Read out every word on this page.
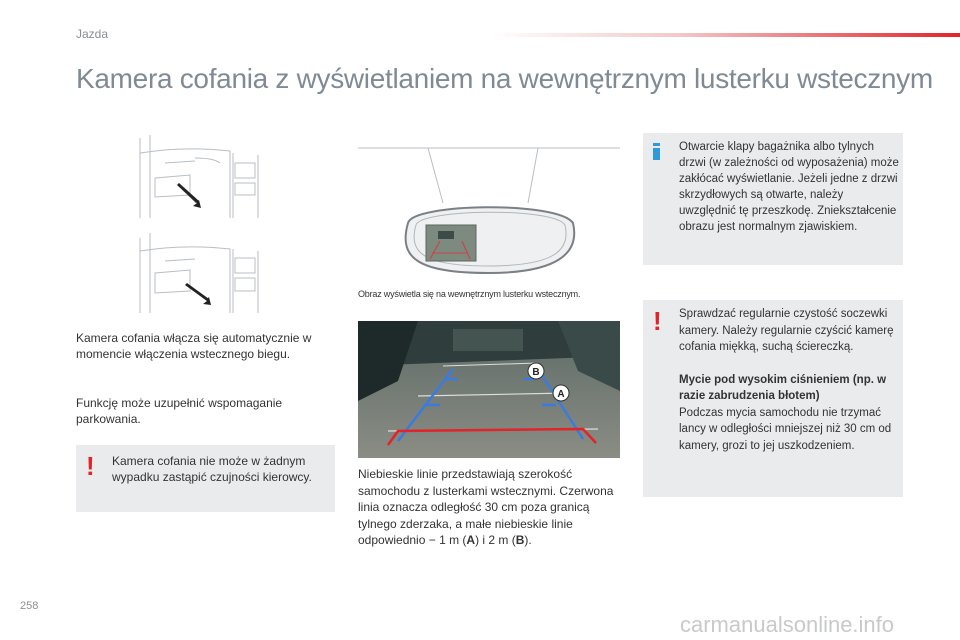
Jazda
Kamera cofania z wyświetlaniem na wewnętrznym lusterku wstecznym
Kamera cofania włącza się automatycznie w momencie włączenia wstecznego biegu.
Funkcję może uzupełnić wspomaganie parkowania.
! Kamera cofania nie może w żadnym wypadku zastąpić czujności kierowcy.
Obraz wyświetla się na wewnętrznym lusterku wstecznym.
B
A
Niebieskie linie przedstawiają szerokość samochodu z lusterkami wstecznymi. Czerwona linia oznacza odległość 30 cm poza granicą tylnego zderzaka, a małe niebieskie linie odpowiednio − 1 m (A) i 2 m (B).
Otwarcie klapy bagażnika albo tylnych drzwi (w zależności od wyposażenia) może zakłócać wyświetlanie. Jeżeli jedne z drzwi skrzydłowych są otwarte, należy uwzględnić tę przeszkodę. Zniekształcenie obrazu jest normalnym zjawiskiem.
! Sprawdzać regularnie czystość soczewki kamery. Należy regularnie czyścić kamerę cofania miękką, suchą ściereczką.
Mycie pod wysokim ciśnieniem (np. w razie zabrudzenia błotem)
Podczas mycia samochodu nie trzymać lancy w odległości mniejszej niż 30 cm od kamery, grozi to jej uszkodzeniem.
258
carmanualsonline.info
